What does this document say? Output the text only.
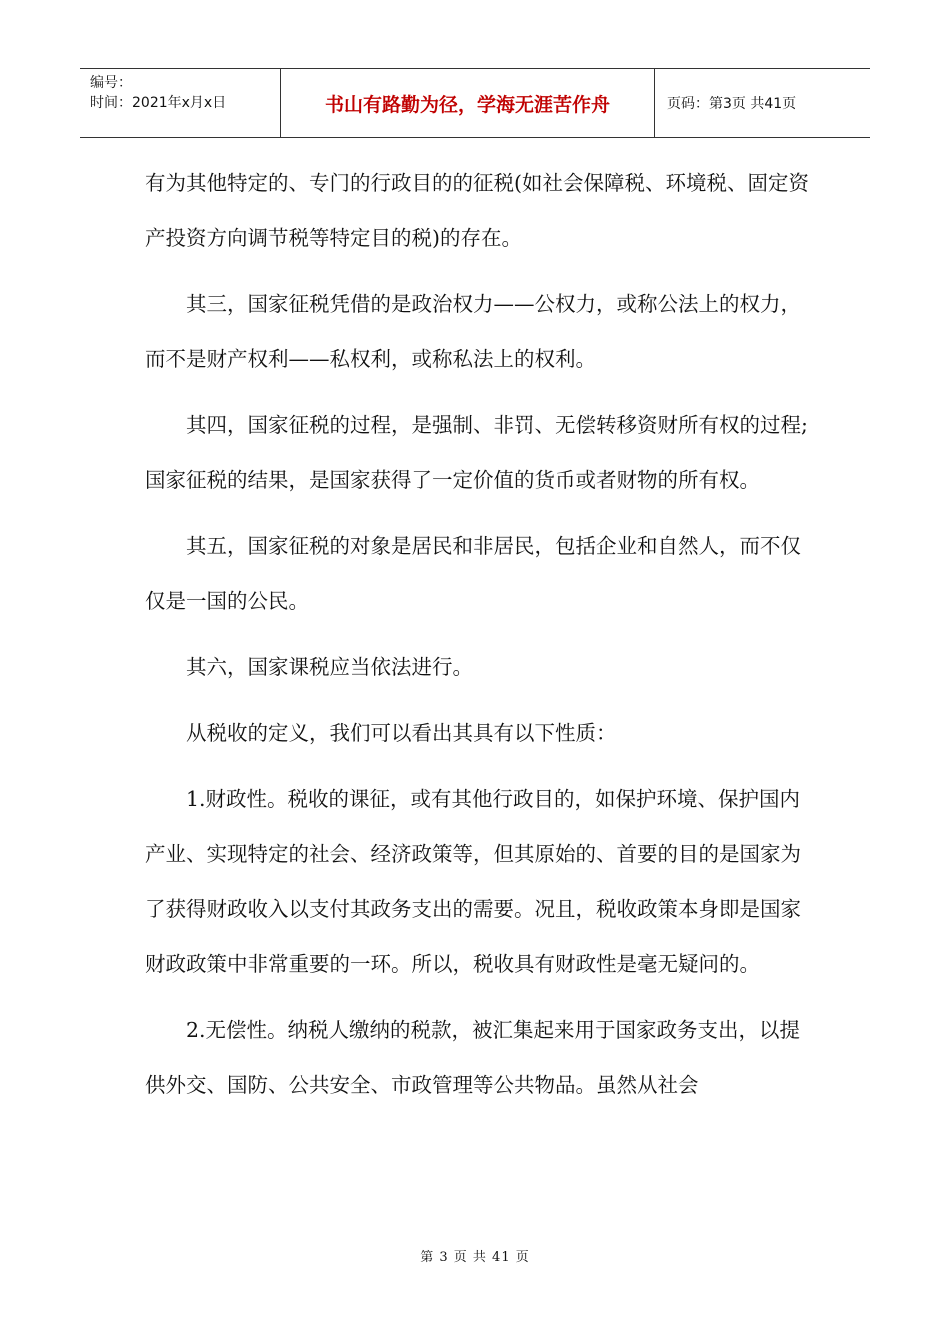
编号：
时间：2021年x月x日	书山有路勤为径，学海无涯苦作舟	页码：第3页 共41页

有为其他特定的、专门的行政目的的征税(如社会保障税、环境税、固定资产投资方向调节税等特定目的税)的存在。

其三，国家征税凭借的是政治权力——公权力，或称公法上的权力，而不是财产权利——私权利，或称私法上的权利。

其四，国家征税的过程，是强制、非罚、无偿转移资财所有权的过程;国家征税的结果，是国家获得了一定价值的货币或者财物的所有权。

其五，国家征税的对象是居民和非居民，包括企业和自然人，而不仅仅是一国的公民。

其六，国家课税应当依法进行。

从税收的定义，我们可以看出其具有以下性质：

1.财政性。税收的课征，或有其他行政目的，如保护环境、保护国内产业、实现特定的社会、经济政策等，但其原始的、首要的目的是国家为了获得财政收入以支付其政务支出的需要。况且，税收政策本身即是国家财政政策中非常重要的一环。所以，税收具有财政性是毫无疑问的。

2.无偿性。纳税人缴纳的税款，被汇集起来用于国家政务支出，以提供外交、国防、公共安全、市政管理等公共物品。虽然从社会

第 3 页 共 41 页
